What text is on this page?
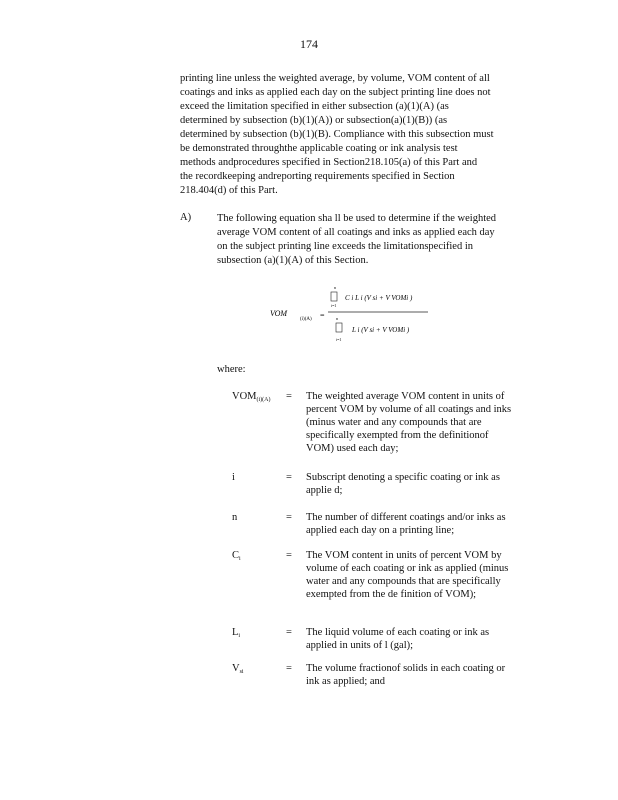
174
printing line unless the weighted average, by volume, VOM content of all
coatings and inks as applied each day on the subject printing line does not
exceed the limitation specified in either subsection (a)(1)(A) (as
determined by subsection (b)(1)(A)) or subsection(a)(1)(B)) (as
determined by subsection (b)(1)(B). Compliance with this subsection must
be demonstrated throughthe applicable coating or ink analysis test
methods andprocedures specified in Section218.105(a) of this Part and
the recordkeeping andreporting requirements specified in Section
218.404(d) of this Part.
A) The following equation sha ll be used to determine if the weighted
average VOM content of all coatings and inks as applied each day
on the subject printing line exceeds the limitationspecified in
subsection (a)(1)(A) of this Section.
VOM
(i)(A) =
n
i=1
C i L i (V si + V VOMi )
n
i=1
L i (V si + V VOMi )
where:
$VOM_{(i)(A)}$	= The weighted average VOM content in units of
percent VOM by volume of all coatings and inks
(minus water and any compounds that are
specifically exempted from the definitionof
VOM) used each day;
i	= Subscript denoting a specific coating or ink as
applie d;
n	= The number of different coatings and/or inks as
applied each day on a printing line;
$C_i$	= The VOM content in units of percent VOM by
volume of each coating or ink as applied (minus
water and any compounds that are specifically
exempted from the de finition of VOM);
$L_i$	= The liquid volume of each coating or ink as
applied in units of l (gal);
$V_{si}$	= The volume fractionof solids in each coating or
ink as applied; and
